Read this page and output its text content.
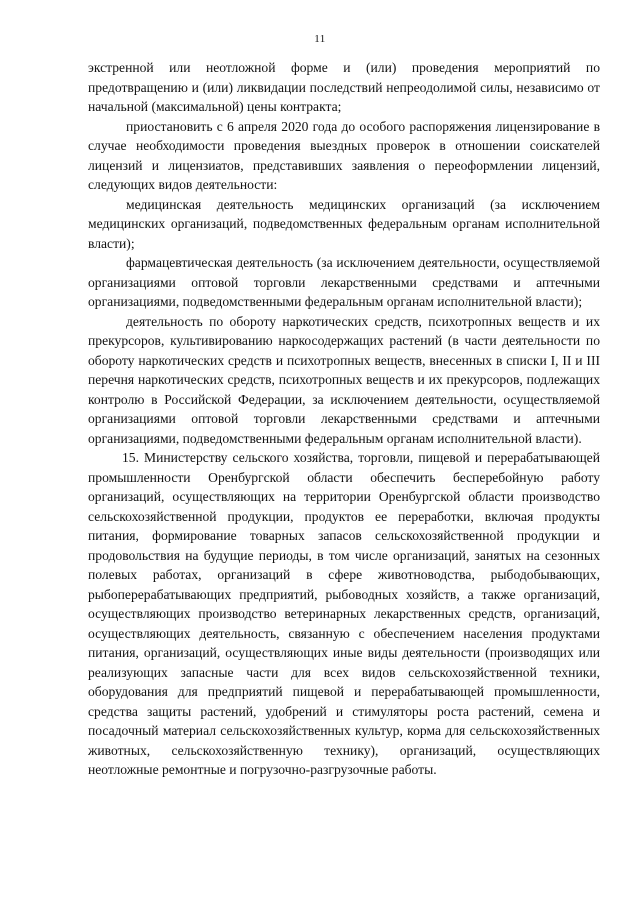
11

экстренной или неотложной форме и (или) проведения мероприятий по предотвращению и (или) ликвидации последствий непреодолимой силы, независимо от начальной (максимальной) цены контракта;

приостановить с 6 апреля 2020 года до особого распоряжения лицензирование в случае необходимости проведения выездных проверок в отношении соискателей лицензий и лицензиатов, представивших заявления о переоформлении лицензий, следующих видов деятельности:

медицинская деятельность медицинских организаций (за исключением медицинских организаций, подведомственных федеральным органам исполнительной власти);

фармацевтическая деятельность (за исключением деятельности, осуществляемой организациями оптовой торговли лекарственными средствами и аптечными организациями, подведомственными федеральным органам исполнительной власти);

деятельность по обороту наркотических средств, психотропных веществ и их прекурсоров, культивированию наркосодержащих растений (в части деятельности по обороту наркотических средств и психотропных веществ, внесенных в списки I, II и III перечня наркотических средств, психотропных веществ и их прекурсоров, подлежащих контролю в Российской Федерации, за исключением деятельности, осуществляемой организациями оптовой торговли лекарственными средствами и аптечными организациями, подведомственными федеральным органам исполнительной власти).

15. Министерству сельского хозяйства, торговли, пищевой и перерабатывающей промышленности Оренбургской области обеспечить бесперебойную работу организаций, осуществляющих на территории Оренбургской области производство сельскохозяйственной продукции, продуктов ее переработки, включая продукты питания, формирование товарных запасов сельскохозяйственной продукции и продовольствия на будущие периоды, в том числе организаций, занятых на сезонных полевых работах, организаций в сфере животноводства, рыбодобывающих, рыбоперерабатывающих предприятий, рыбоводных хозяйств, а также организаций, осуществляющих производство ветеринарных лекарственных средств, организаций, осуществляющих деятельность, связанную с обеспечением населения продуктами питания, организаций, осуществляющих иные виды деятельности (производящих или реализующих запасные части для всех видов сельскохозяйственной техники, оборудования для предприятий пищевой и перерабатывающей промышленности, средства защиты растений, удобрений и стимуляторы роста растений, семена и посадочный материал сельскохозяйственных культур, корма для сельскохозяйственных животных, сельскохозяйственную технику), организаций, осуществляющих неотложные ремонтные и погрузочно-разгрузочные работы.
